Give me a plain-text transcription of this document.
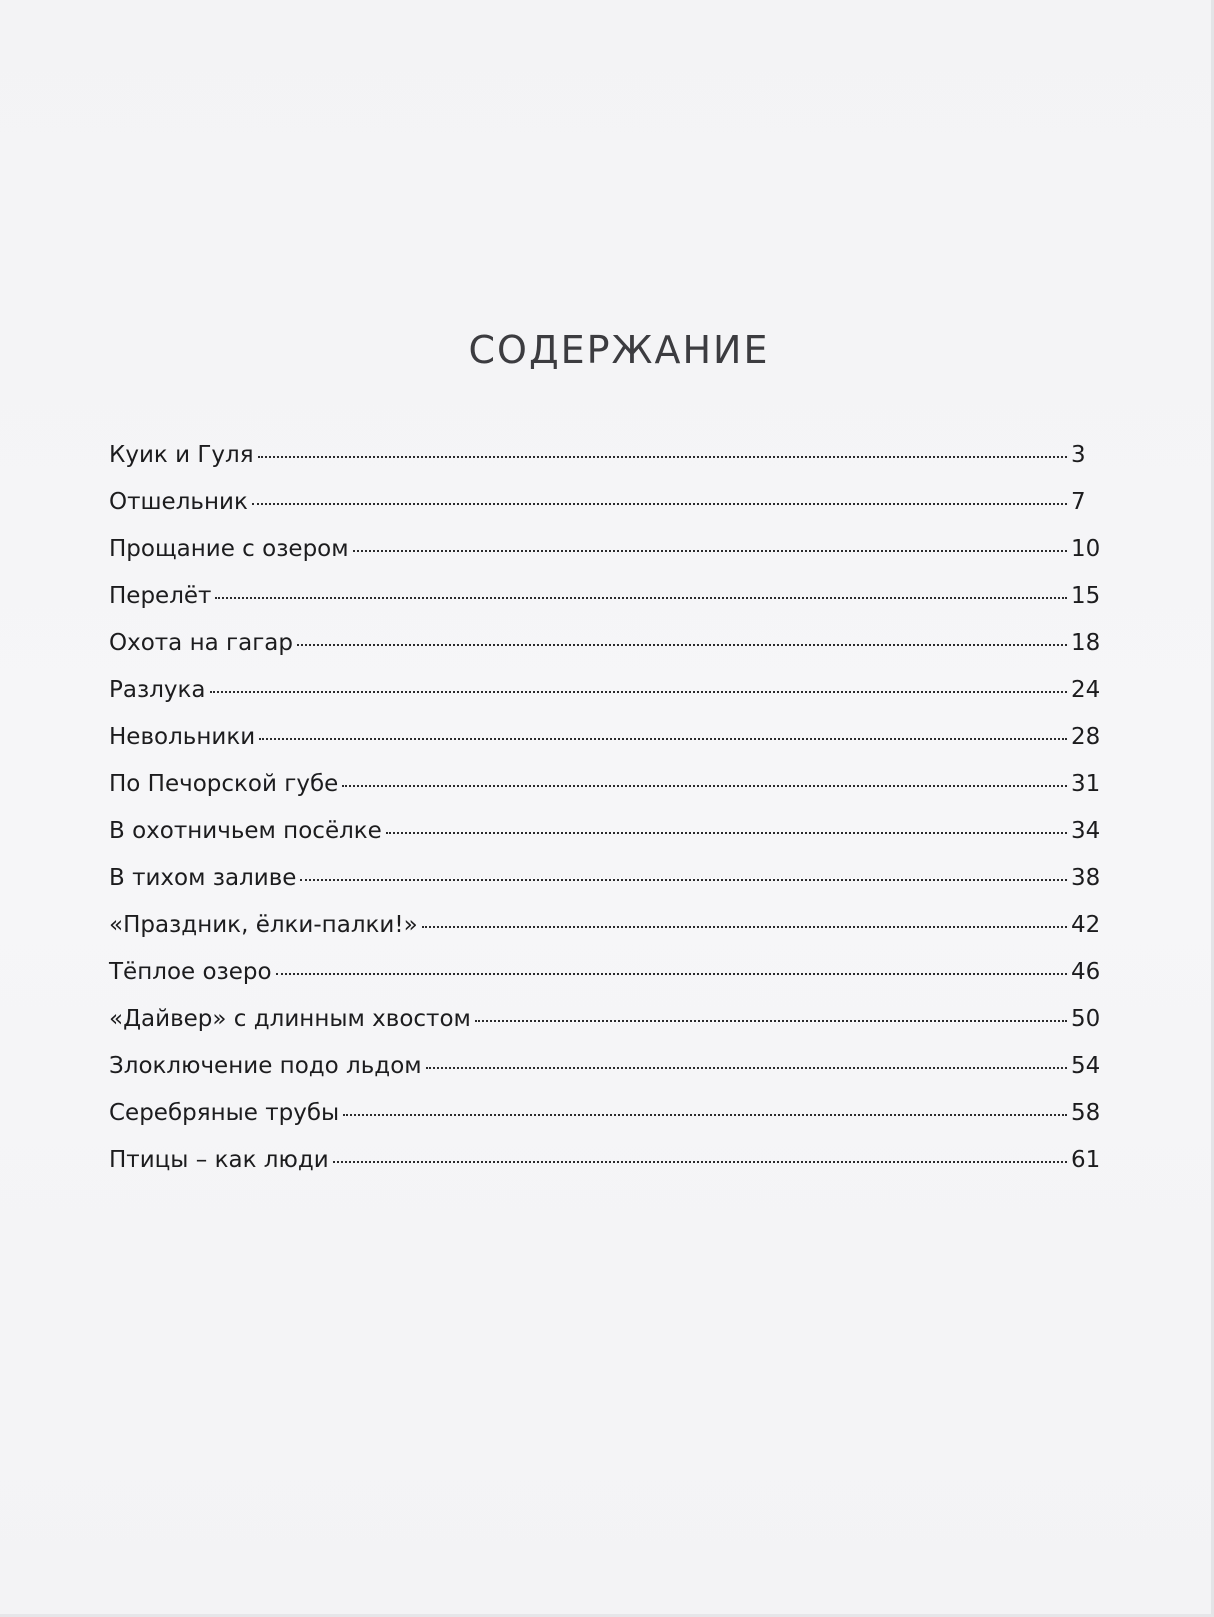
СОДЕРЖАНИЕ
Куик и Гуля	3
Отшельник	7
Прощание с озером	10
Перелёт	15
Охота на гагар	18
Разлука	24
Невольники	28
По Печорской губе	31
В охотничьем посёлке	34
В тихом заливе	38
«Праздник, ёлки-палки!»	42
Тёплое озеро	46
«Дайвер» с длинным хвостом	50
Злоключение подо льдом	54
Серебряные трубы	58
Птицы – как люди	61
